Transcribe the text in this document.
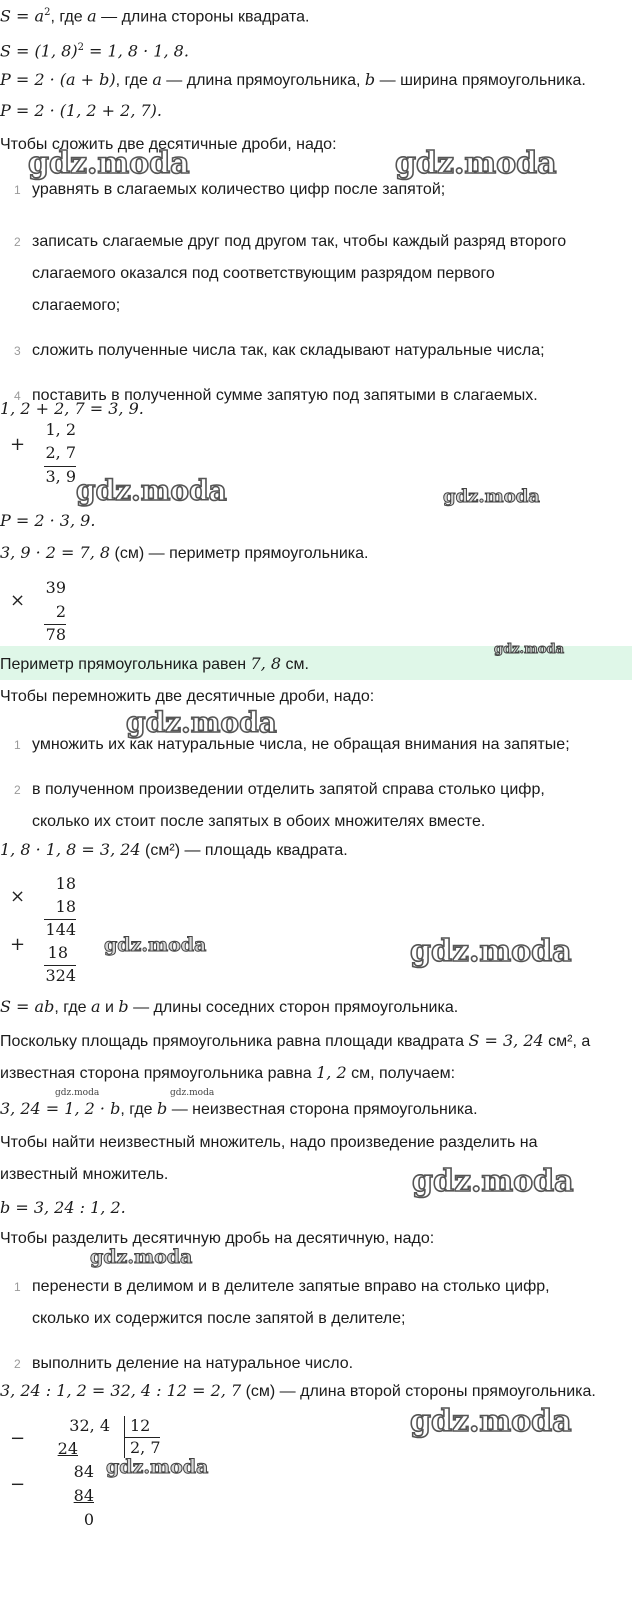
$S = a^2$, где a — длина стороны квадрата.
S = (1, 8)$^2$ = 1, 8 · 1, 8.
P = 2 · (a + b), где a — длина прямоугольника, b — ширина прямоугольника.
P = 2 · (1, 2 + 2, 7).
Чтобы сложить две десятичные дроби, надо:
1 уравнять в слагаемых количество цифр после запятой;
2 записать слагаемые друг под другом так, чтобы каждый разряд второго
слагаемого оказался под соответствующим разрядом первого
слагаемого;
3 сложить полученные числа так, как складывают натуральные числа;
4 поставить в полученной сумме запятую под запятыми в слагаемых.
1, 2 + 2, 7 = 3, 9.
+
1, 2
2, 7
3, 9
P = 2 · 3, 9.
3, 9 · 2 = 7, 8 (см) — периметр прямоугольника.
×
39
2
78
Периметр прямоугольника равен 7, 8 см.
Чтобы перемножить две десятичные дроби, надо:
1 умножить их как натуральные числа, не обращая внимания на запятые;
2 в полученном произведении отделить запятой справа столько цифр,
сколько их стоит после запятых в обоих множителях вместе.
1, 8 · 1, 8 = 3, 24 (см²) — площадь квадрата.
×
18
18
144
+ 18
324
S = ab, где a и b — длины соседних сторон прямоугольника.
Поскольку площадь прямоугольника равна площади квадрата S = 3, 24 см², а
известная сторона прямоугольника равна 1, 2 см, получаем:
3, 24 = 1, 2 · b, где b — неизвестная сторона прямоугольника.
Чтобы найти неизвестный множитель, надо произведение разделить на
известный множитель.
b = 3, 24 : 1, 2.
Чтобы разделить десятичную дробь на десятичную, надо:
1 перенести в делимом и в делителе запятые вправо на столько цифр,
сколько их содержится после запятой в делителе;
2 выполнить деление на натуральное число.
3, 24 : 1, 2 = 32, 4 : 12 = 2, 7 (см) — длина второй стороны прямоугольника.
−
32, 4
24
12
2, 7
84
−
84
0
gdz.moda	gdz.moda
gdz.moda	gdz.moda
gdz.moda
gdz.moda
gdz.moda	gdz.moda
gdz.moda
gdz.moda
gdz.moda
gdz.moda
gdz.moda	gdz.moda
